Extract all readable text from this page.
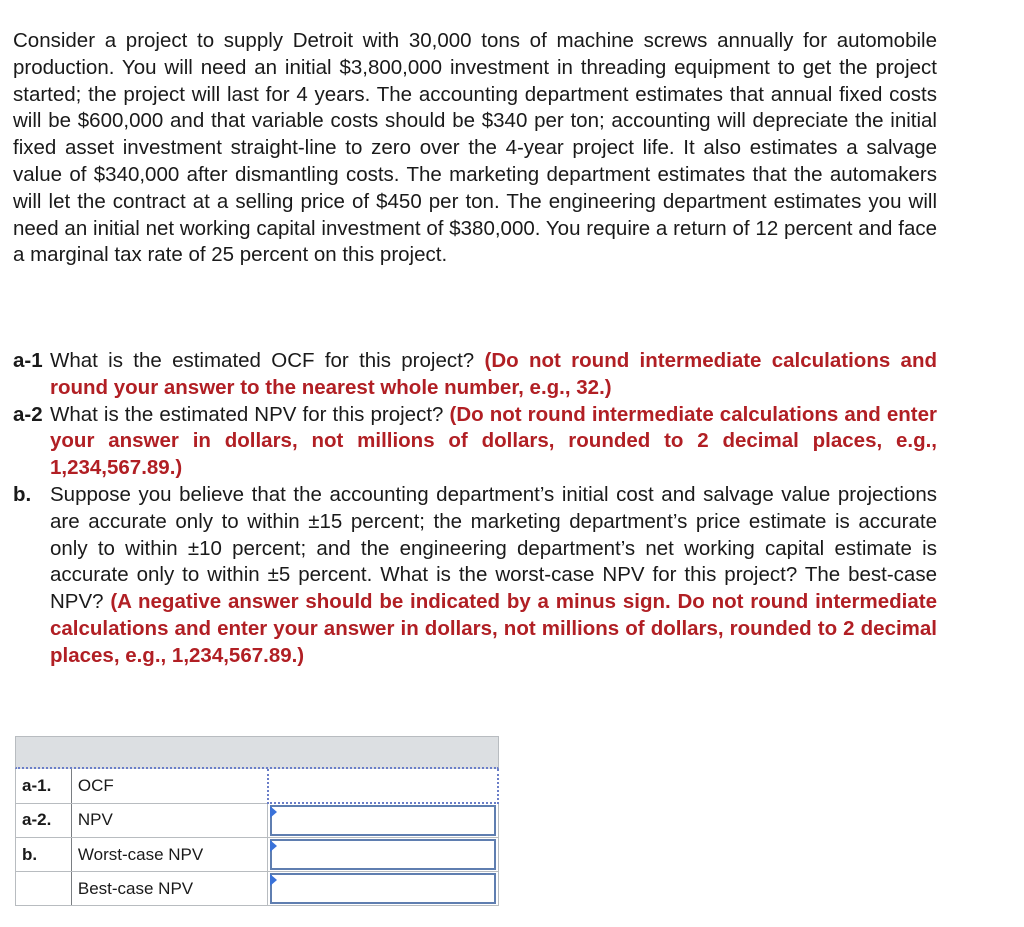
Consider a project to supply Detroit with 30,000 tons of machine screws annually for automobile production. You will need an initial $3,800,000 investment in threading equipment to get the project started; the project will last for 4 years. The accounting department estimates that annual fixed costs will be $600,000 and that variable costs should be $340 per ton; accounting will depreciate the initial fixed asset investment straight-line to zero over the 4-year project life. It also estimates a salvage value of $340,000 after dismantling costs. The marketing department estimates that the automakers will let the contract at a selling price of $450 per ton. The engineering department estimates you will need an initial net working capital investment of $380,000. You require a return of 12 percent and face a marginal tax rate of 25 percent on this project.

a-1 What is the estimated OCF for this project? (Do not round intermediate calculations and round your answer to the nearest whole number, e.g., 32.)
a-2 What is the estimated NPV for this project? (Do not round intermediate calculations and enter your answer in dollars, not millions of dollars, rounded to 2 decimal places, e.g., 1,234,567.89.)
b. Suppose you believe that the accounting department’s initial cost and salvage value projections are accurate only to within ±15 percent; the marketing department’s price estimate is accurate only to within ±10 percent; and the engineering department’s net working capital estimate is accurate only to within ±5 percent. What is the worst-case NPV for this project? The best-case NPV? (A negative answer should be indicated by a minus sign. Do not round intermediate calculations and enter your answer in dollars, not millions of dollars, rounded to 2 decimal places, e.g., 1,234,567.89.)
a-1.	OCF	

a-2.	NPV	

b.	Worst-case NPV	

	Best-case NPV	
